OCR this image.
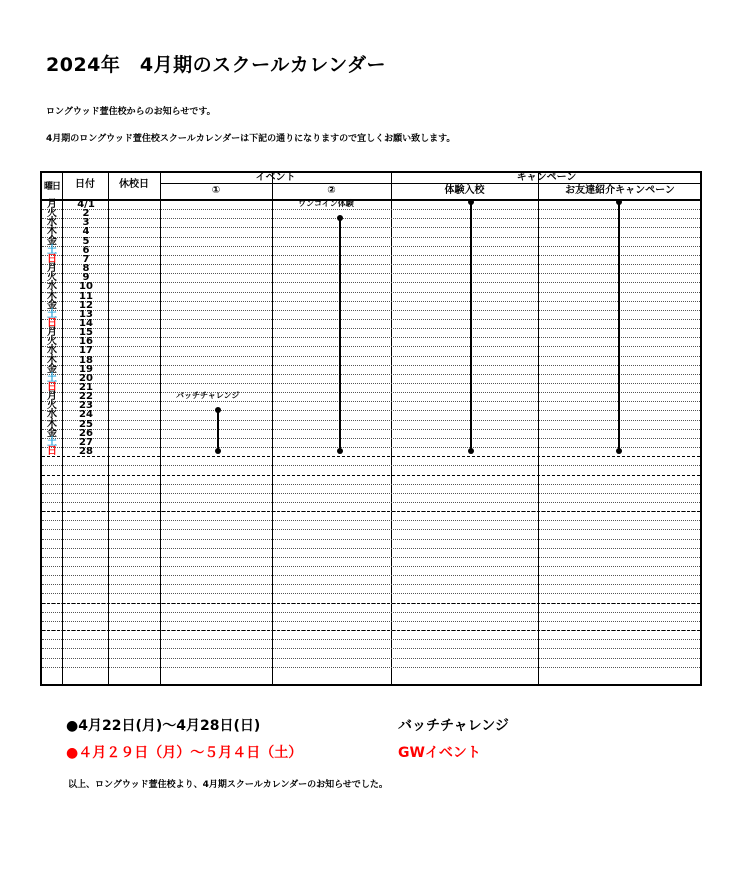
2024年　4月期のスクールカレンダー
ロングウッド萱住校からのお知らせです。
4月期のロングウッド萱住校スクールカレンダーは下記の通りになりますので宜しくお願い致します。
曜日	日付	休校日
イベント
①	②
キャンペーン
体験入校	お友達紹介キャンペーン
月	4/1
火	2
水	3
木	4
金	5
土	6
日	7
月	8
火	9
水	10
木	11
金	12
土	13
日	14
月	15
火	16
水	17
木	18
金	19
土	20
日	21
月	22
火	23
水	24
木	25
金	26
土	27
日	28
ワンコイン体験
バッチチャレンジ
●4月22日(月)～4月28日(日)	バッチチャレンジ
●４月２９日（月）～５月４日（土）	GWイベント
以上、ロングウッド萱住校より、4月期スクールカレンダーのお知らせでした。
